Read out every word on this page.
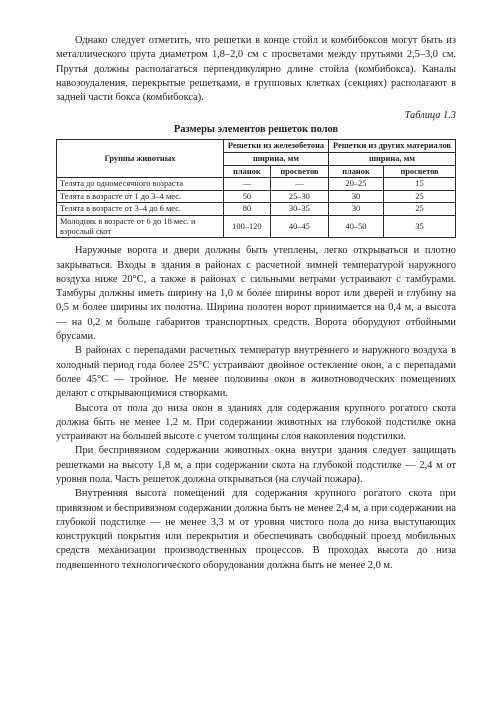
Однако следует отметить, что решетки в конце стойл и комбибоксов могут быть из металлического прута диаметром 1,8–2,0 см с просветами между прутьями 2,5–3,0 см. Прутья должны располагаться перпендикулярно длине стойла (комбибокса). Каналы навозоудаления, перекрытые решетками, в групповых клетках (секциях) располагают в задней части бокса (комбибокса).

Таблица 1.3
Размеры элементов решеток полов
Группы животных	Решетки из железобетона		Решетки из других материалов	
	ширина, мм		ширина, мм	
	планок	просветов	планок	просветов
Телята до одномесячного возраста	—	—	20–25	15
Телята в возрасте от 1 до 3–4 мес.	50	25–30	30	25
Телята в возрасте от 3–4 до 6 мес.	80	30–35	30	25
Молодняк в возрасте от 6 до 18 мес. и взрослый скот	100–120	40–45	40–50	35

Наружные ворота и двери должны быть утеплены, легко открываться и плотно закрываться. Входы в здания в районах с расчетной зимней температурой наружного воздуха ниже 20°С, а также в районах с сильными ветрами устраивают с тамбурами. Тамбуры должны иметь ширину на 1,0 м более ширины ворот или дверей и глубину на 0,5 м более ширины их полотна. Ширина полотен ворот принимается на 0,4 м, а высота — на 0,2 м больше габаритов транспортных средств. Ворота оборудуют отбойными брусами.

В районах с перепадами расчетных температур внутреннего и наружного воздуха в холодный период года более 25°С устраивают двойное остекление окон, а с перепадами более 45°С — тройное. Не менее половины окон в животноводческих помещениях делают с открывающимися створками.

Высота от пола до низа окон в зданиях для содержания крупного рогатого скота должна быть не менее 1,2 м. При содержании животных на глубокой подстилке окна устраивают на большей высоте с учетом толщины слоя накопления подстилки.

При беспривязном содержании животных окна внутри здания следует защищать решетками на высоту 1,8 м, а при содержании скота на глубокой подстилке — 2,4 м от уровня пола. Часть решеток должна открываться (на случай пожара).

Внутренняя высота помещений для содержания крупного рогатого скота при привязном и беспривязном содержании должна быть не менее 2,4 м, а при содержании на глубокой подстилке — не менее 3,3 м от уровня чистого пола до низа выступающих конструкций покрытия или перекрытия и обеспечивать свободный проезд мобильных средств механизации производственных процессов. В проходах высота до низа подвешенного технологического оборудования должна быть не менее 2,0 м.
